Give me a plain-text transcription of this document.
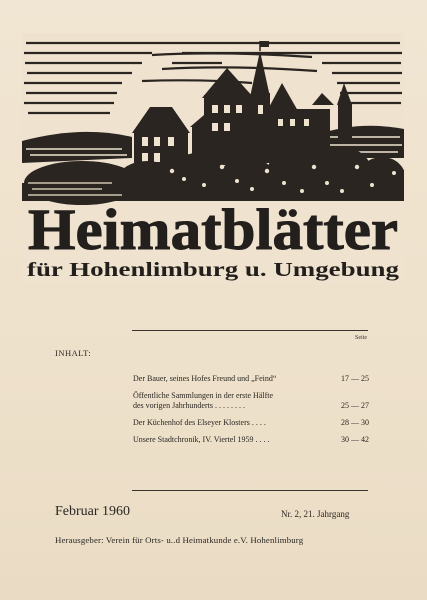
Heimatblätter
für Hohenlimburg u. Umgebung
Seite
INHALT:
Der Bauer, seines Hofes Freund und „Feind“	17 — 25
Öffentliche Sammlungen in der erste Hälfte
des vorigen Jahrhunderts . . . . . . . .	25 — 27
Der Küchenhof des Elseyer Klosters . . . .	28 — 30
Unsere Stadtchronik, IV. Viertel 1959 . . . .	30 — 42
Februar 1960	Nr. 2, 21. Jahrgang
Herausgeber: Verein für Orts- u..d Heimatkunde e.V. Hohenlimburg
